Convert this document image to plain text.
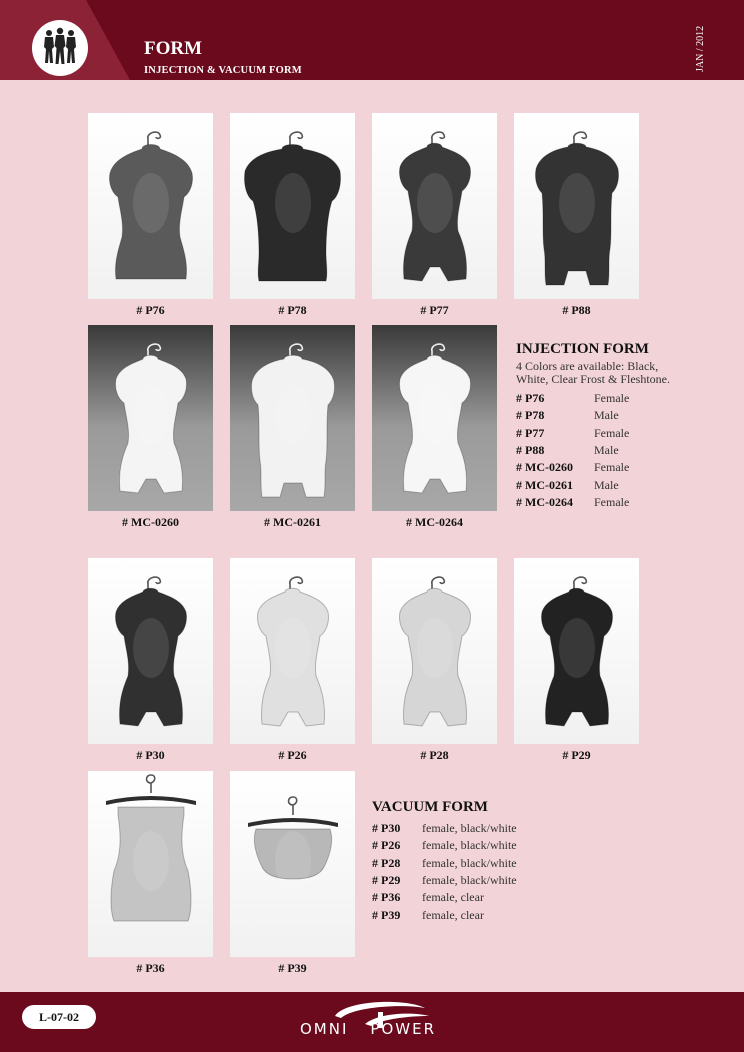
FORM
INJECTION & VACUUM FORM	JAN / 2012
# P76	# P78	# P77	# P88
# MC-0260	# MC-0261	# MC-0264
# P30	# P26	# P28	# P29
# P36	# P39
INJECTION FORM
4 Colors are available: Black, White, Clear Frost & Fleshtone.
# P76	Female
# P78	Male
# P77	Female
# P88	Male
# MC-0260	Female
# MC-0261	Male
# MC-0264	Female
VACUUM FORM
# P30	female, black/white
# P26	female, black/white
# P28	female, black/white
# P29	female, black/white
# P36	female, clear
# P39	female, clear
L-07-02
OMNI POWER
